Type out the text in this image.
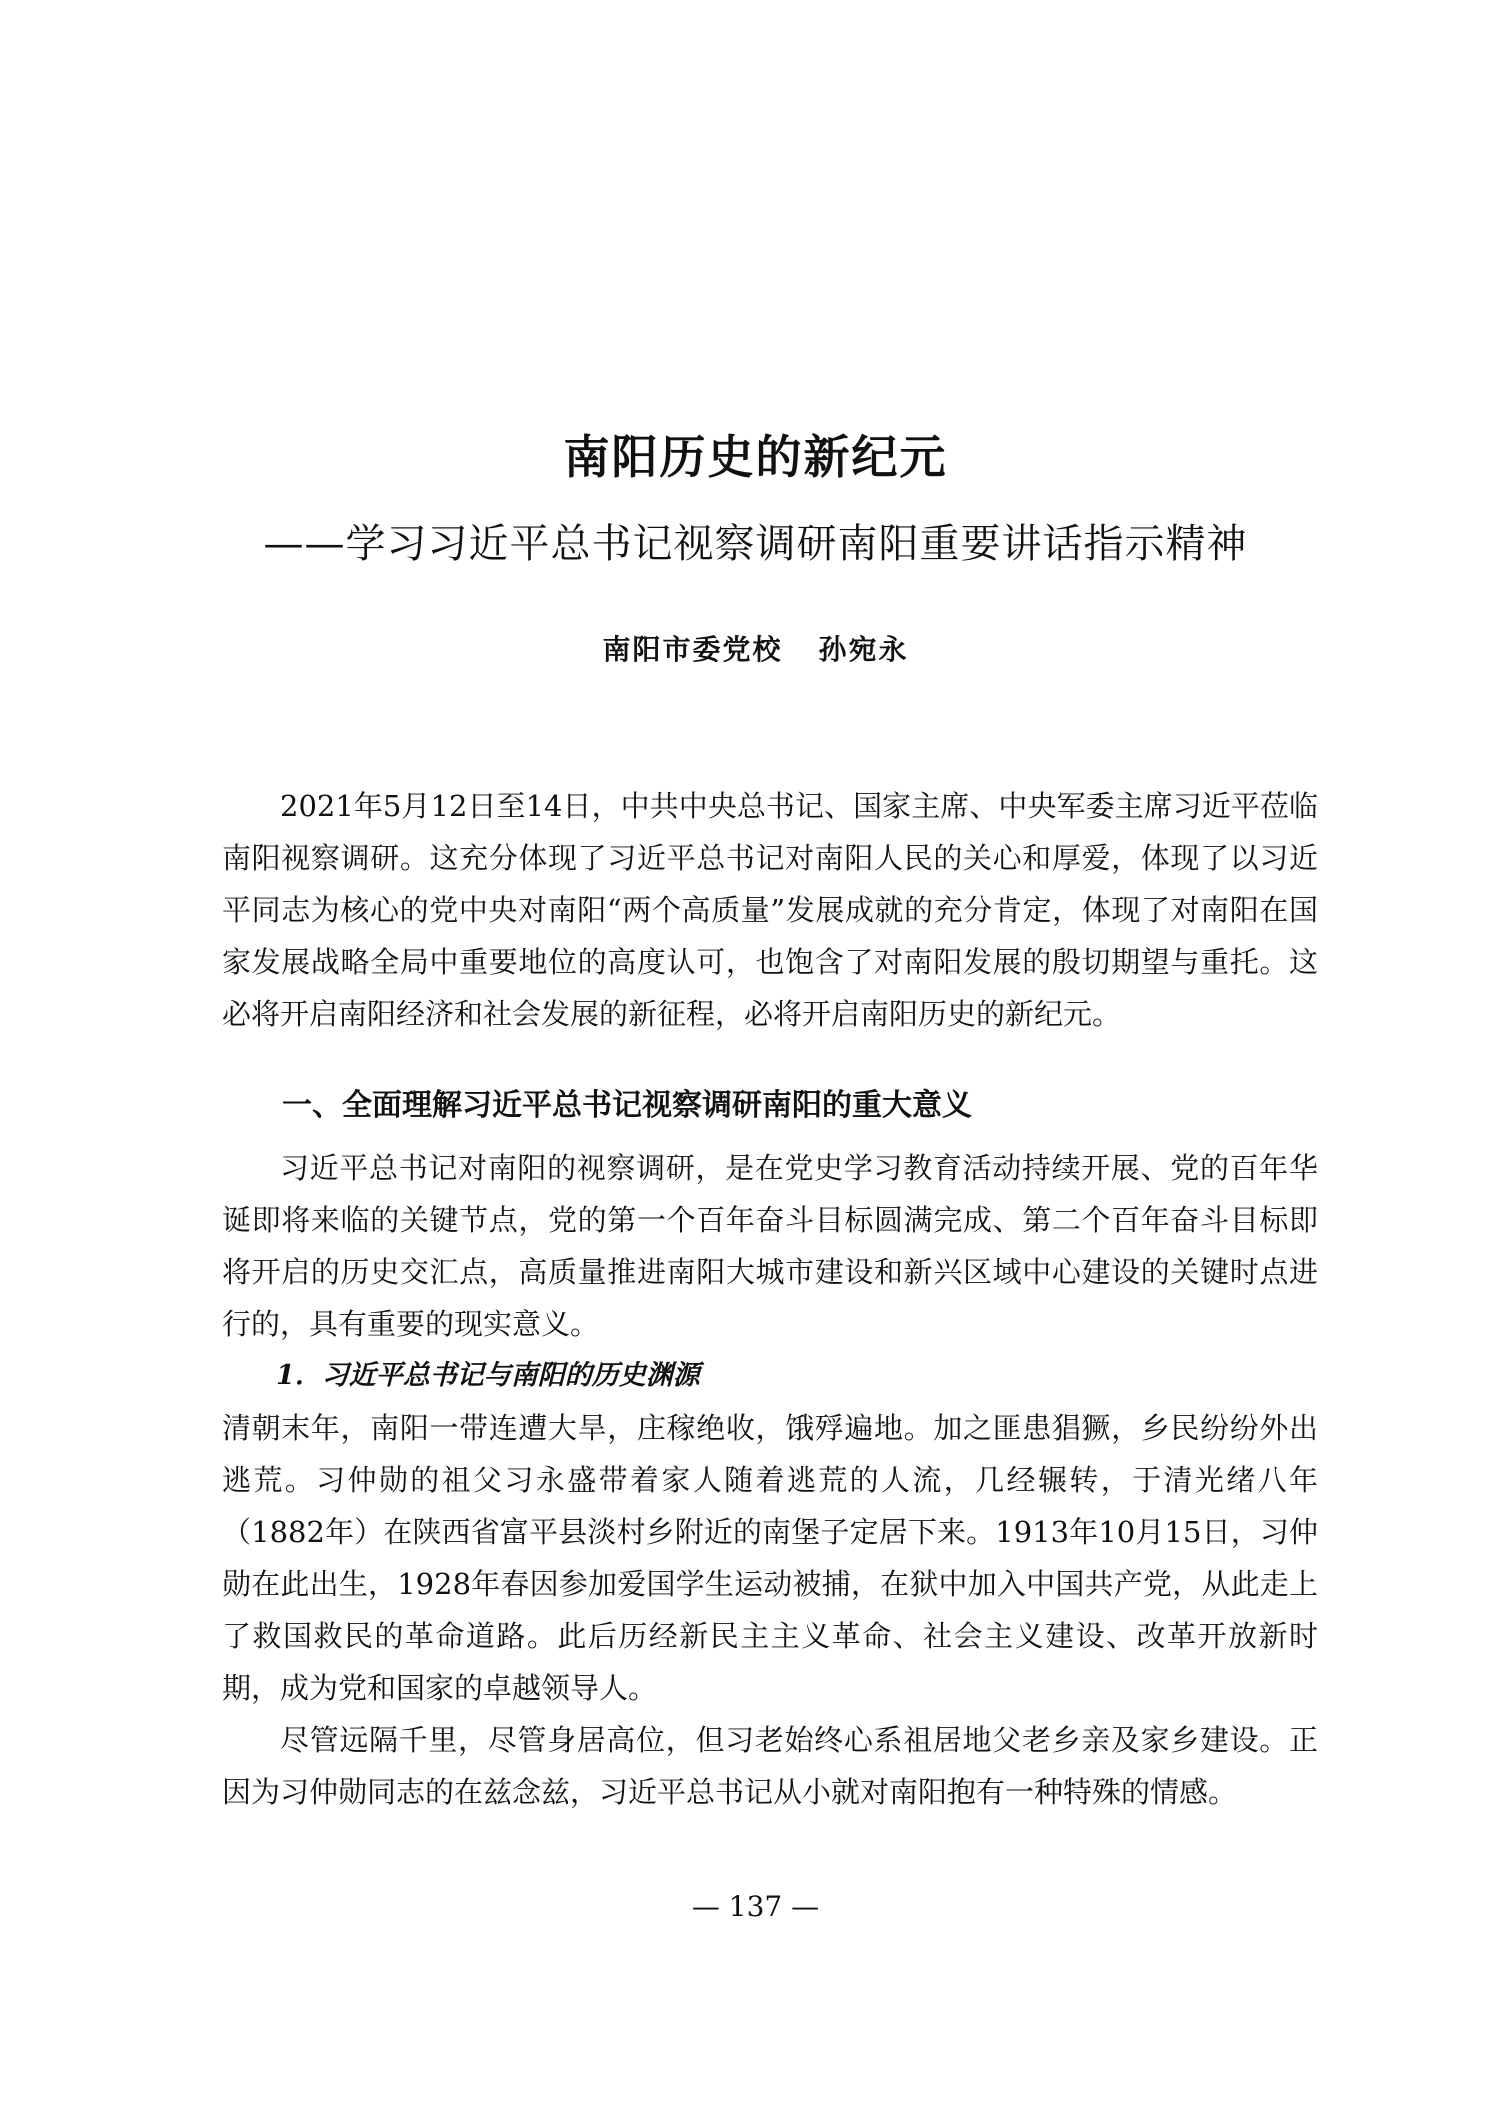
南阳历史的新纪元
——学习习近平总书记视察调研南阳重要讲话指示精神
南阳市委党校 孙宛永

2021年5月12日至14日，中共中央总书记、国家主席、中央军委主席习近平莅临南阳视察调研。这充分体现了习近平总书记对南阳人民的关心和厚爱，体现了以习近平同志为核心的党中央对南阳“两个高质量”发展成就的充分肯定，体现了对南阳在国家发展战略全局中重要地位的高度认可，也饱含了对南阳发展的殷切期望与重托。这必将开启南阳经济和社会发展的新征程，必将开启南阳历史的新纪元。

一、全面理解习近平总书记视察调研南阳的重大意义

习近平总书记对南阳的视察调研，是在党史学习教育活动持续开展、党的百年华诞即将来临的关键节点，党的第一个百年奋斗目标圆满完成、第二个百年奋斗目标即将开启的历史交汇点，高质量推进南阳大城市建设和新兴区域中心建设的关键时点进行的，具有重要的现实意义。

1．习近平总书记与南阳的历史渊源

清朝末年，南阳一带连遭大旱，庄稼绝收，饿殍遍地。加之匪患猖獗，乡民纷纷外出逃荒。习仲勋的祖父习永盛带着家人随着逃荒的人流，几经辗转，于清光绪八年（1882年）在陕西省富平县淡村乡附近的南堡子定居下来。1913年10月15日，习仲勋在此出生，1928年春因参加爱国学生运动被捕，在狱中加入中国共产党，从此走上了救国救民的革命道路。此后历经新民主主义革命、社会主义建设、改革开放新时期，成为党和国家的卓越领导人。

尽管远隔千里，尽管身居高位，但习老始终心系祖居地父老乡亲及家乡建设。正因为习仲勋同志的在兹念兹，习近平总书记从小就对南阳抱有一种特殊的情感。

— 137 —
